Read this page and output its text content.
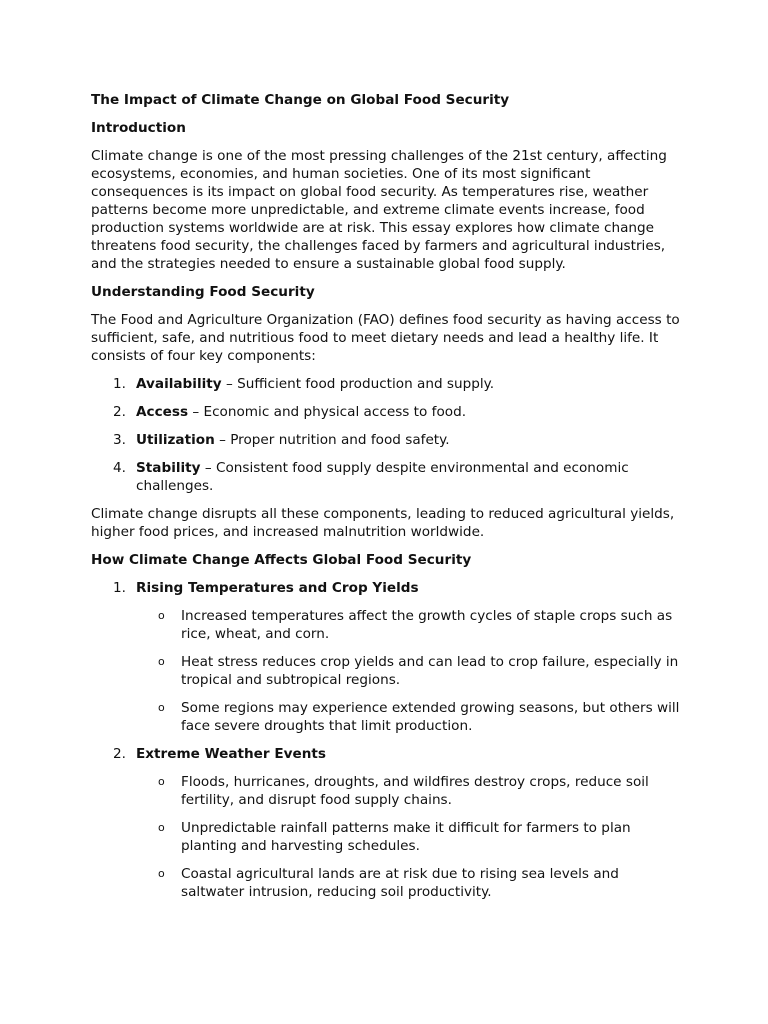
The Impact of Climate Change on Global Food Security
Introduction

Climate change is one of the most pressing challenges of the 21st century, affecting ecosystems, economies, and human societies. One of its most significant consequences is its impact on global food security. As temperatures rise, weather patterns become more unpredictable, and extreme climate events increase, food production systems worldwide are at risk. This essay explores how climate change threatens food security, the challenges faced by farmers and agricultural industries, and the strategies needed to ensure a sustainable global food supply.

Understanding Food Security

The Food and Agriculture Organization (FAO) defines food security as having access to sufficient, safe, and nutritious food to meet dietary needs and lead a healthy life. It consists of four key components:

1. Availability – Sufficient food production and supply.
2. Access – Economic and physical access to food.
3. Utilization – Proper nutrition and food safety.
4. Stability – Consistent food supply despite environmental and economic challenges.

Climate change disrupts all these components, leading to reduced agricultural yields, higher food prices, and increased malnutrition worldwide.

How Climate Change Affects Global Food Security
1. Rising Temperatures and Crop Yields
o Increased temperatures affect the growth cycles of staple crops such as rice, wheat, and corn.
o Heat stress reduces crop yields and can lead to crop failure, especially in tropical and subtropical regions.
o Some regions may experience extended growing seasons, but others will face severe droughts that limit production.
2. Extreme Weather Events
o Floods, hurricanes, droughts, and wildfires destroy crops, reduce soil fertility, and disrupt food supply chains.
o Unpredictable rainfall patterns make it difficult for farmers to plan planting and harvesting schedules.
o Coastal agricultural lands are at risk due to rising sea levels and saltwater intrusion, reducing soil productivity.
